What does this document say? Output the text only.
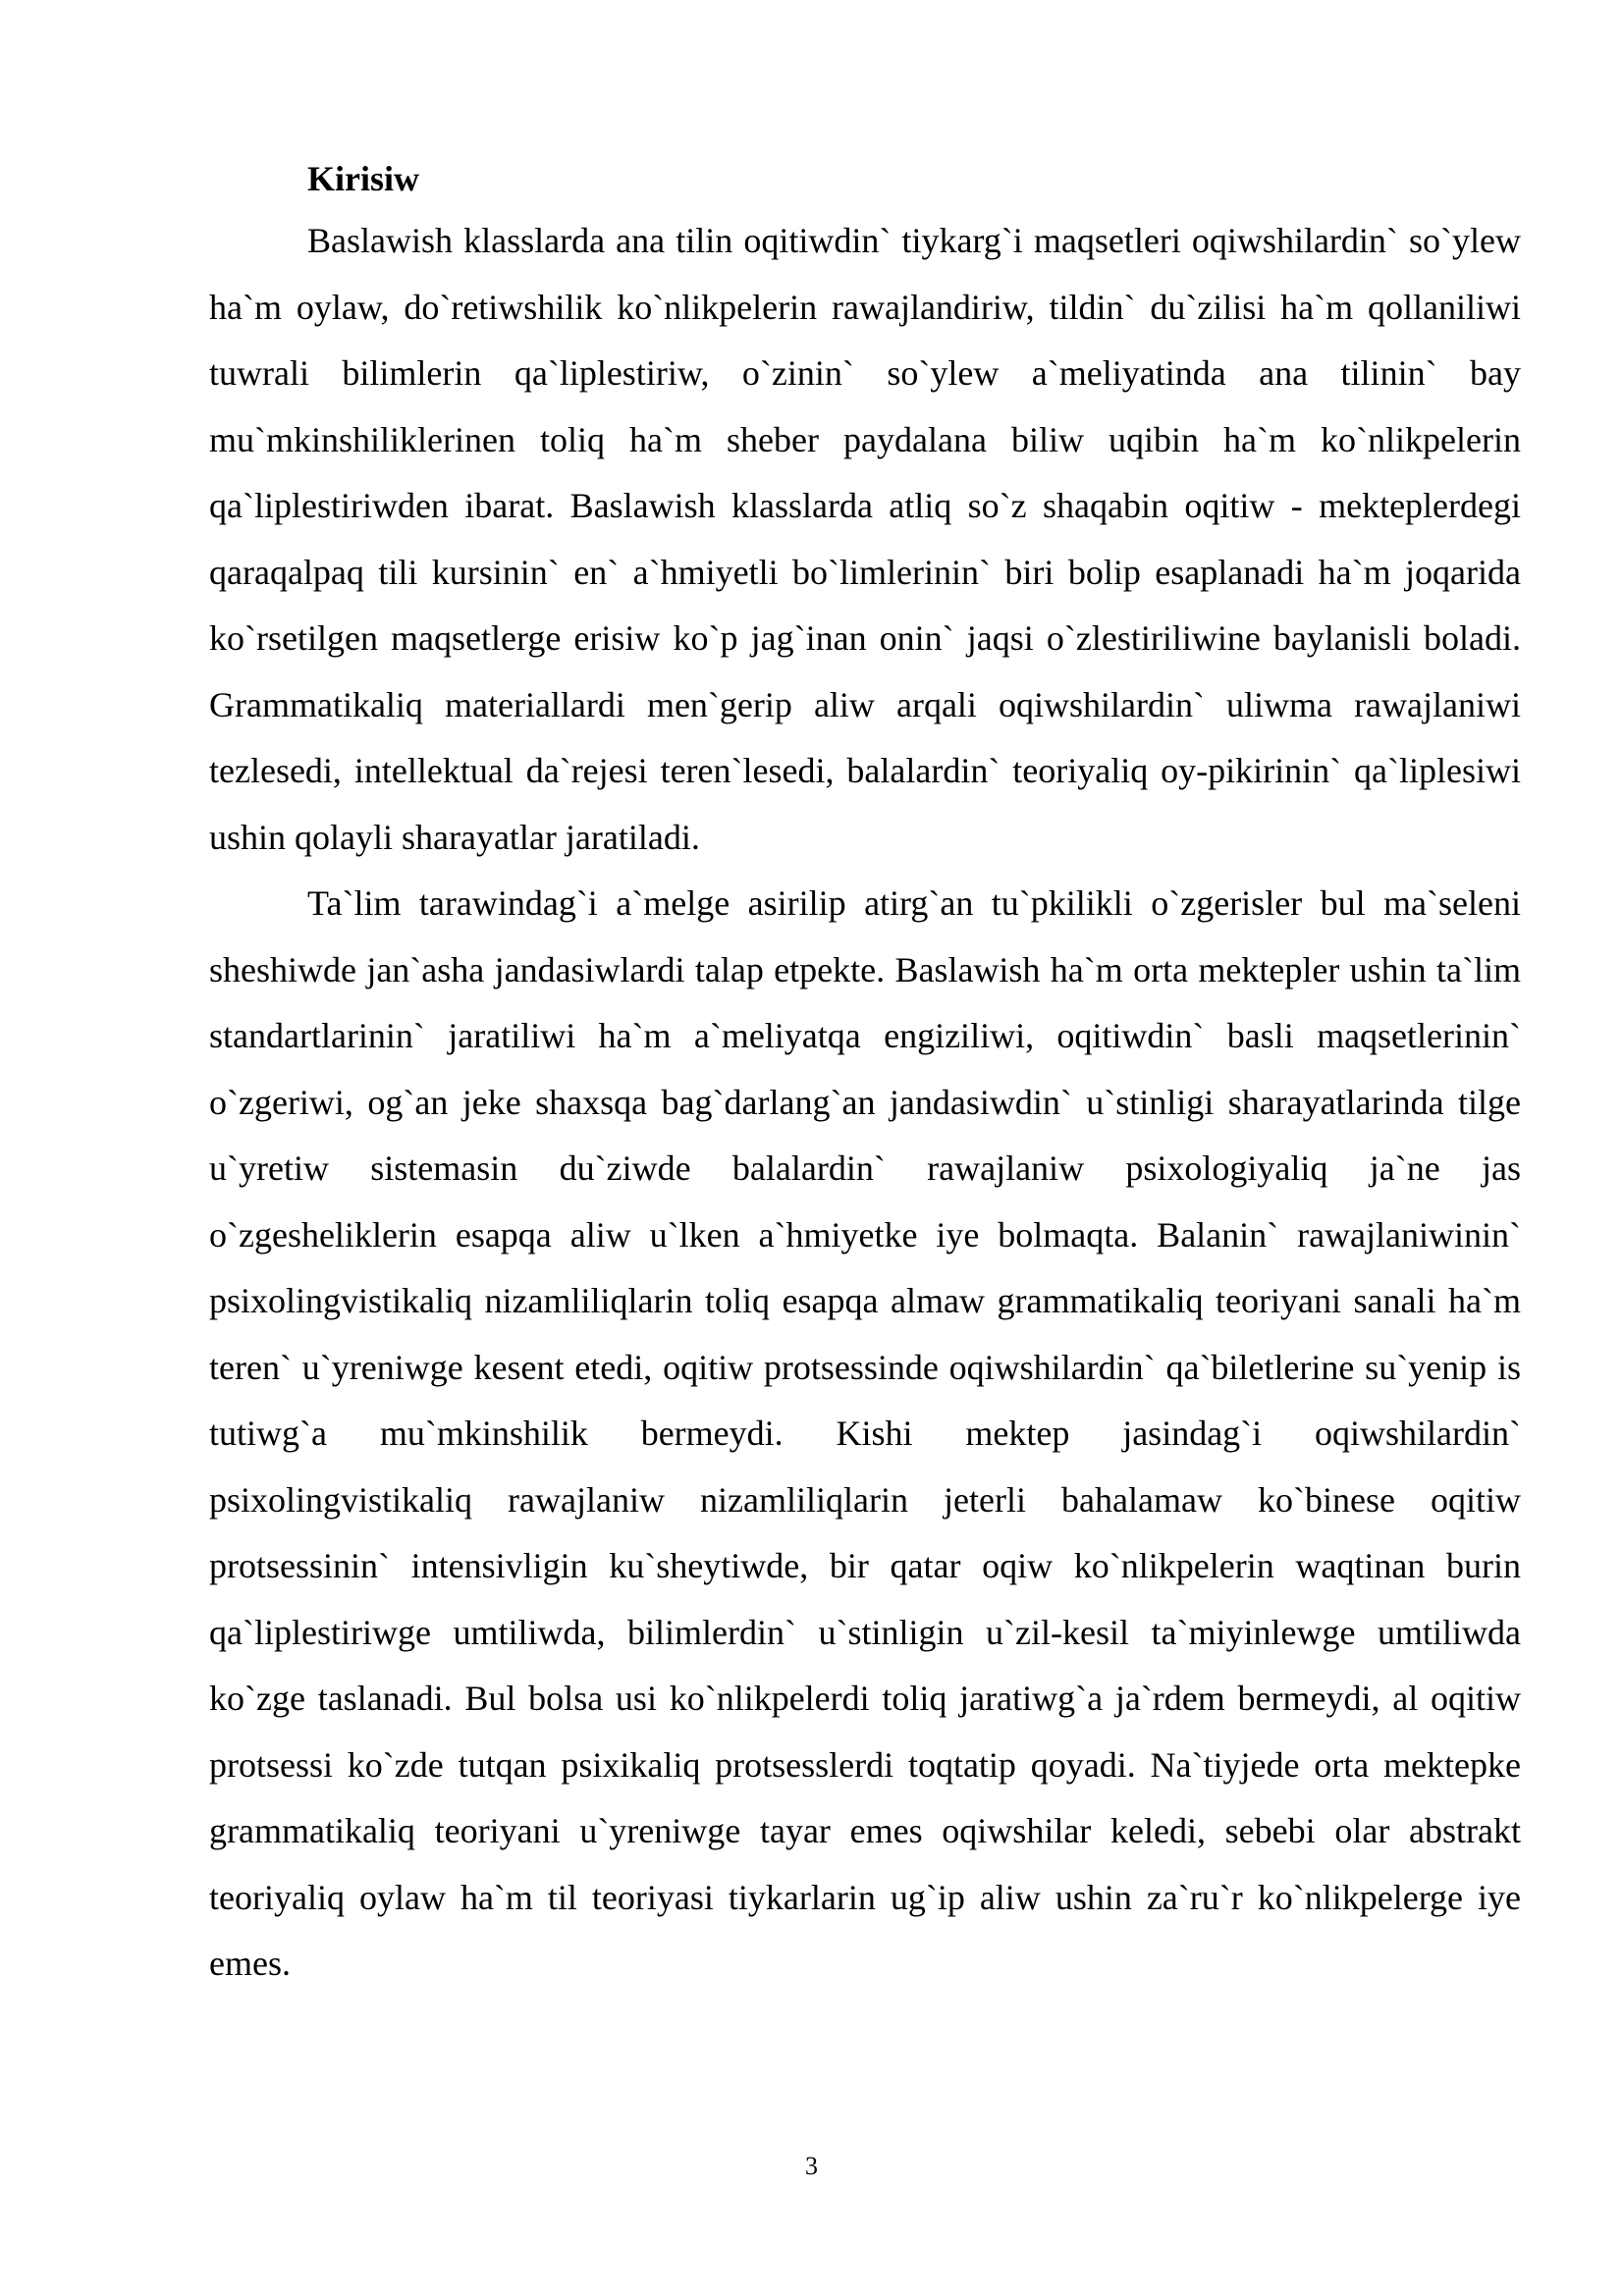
Kirisiw

Baslawish klasslarda ana tilin oqitiwdin` tiykarg`i maqsetleri oqiwshilardin` so`ylew ha`m oylaw, do`retiwshilik ko`nlikpelerin rawajlandiriw, tildin` du`zilisi ha`m qollaniliwi tuwrali bilimlerin qa`liplestiriw, o`zinin` so`ylew a`meliyatinda ana tilinin` bay mu`mkinshiliklerinen toliq ha`m sheber paydalana biliw uqibin ha`m ko`nlikpelerin qa`liplestiriwden ibarat. Baslawish klasslarda atliq so`z shaqabin oqitiw - mekteplerdegi qaraqalpaq tili kursinin` en` a`hmiyetli bo`limlerinin` biri bolip esaplanadi ha`m joqarida ko`rsetilgen maqsetlerge erisiw ko`p jag`inan onin` jaqsi o`zlestiriliwine baylanisli boladi. Grammatikaliq materiallardi men`gerip aliw arqali oqiwshilardin` uliwma rawajlaniwi tezlesedi, intellektual da`rejesi teren`lesedi, balalardin` teoriyaliq oy-pikirinin` qa`liplesiwi ushin qolayli sharayatlar jaratiladi.

Ta`lim tarawindag`i a`melge asirilip atirg`an tu`pkilikli o`zgerisler bul ma`seleni sheshiwde jan`asha jandasiwlardi talap etpekte. Baslawish ha`m orta mektepler ushin ta`lim standartlarinin` jaratiliwi ha`m a`meliyatqa engiziliwi, oqitiwdin` basli maqsetlerinin` o`zgeriwi, og`an jeke shaxsqa bag`darlang`an jandasiwdin` u`stinligi sharayatlarinda tilge u`yretiw sistemasin du`ziwde balalardin` rawajlaniw psixologiyaliq ja`ne jas o`zgesheliklerin esapqa aliw u`lken a`hmiyetke iye bolmaqta. Balanin` rawajlaniwinin` psixolingvistikaliq nizamliliqlarin toliq esapqa almaw grammatikaliq teoriyani sanali ha`m teren` u`yreniwge kesent etedi, oqitiw protsessinde oqiwshilardin` qa`biletlerine su`yenip is tutiwg`a mu`mkinshilik bermeydi. Kishi mektep jasindag`i oqiwshilardin` psixolingvistikaliq rawajlaniw nizamliliqlarin jeterli bahalamaw ko`binese oqitiw protsessinin` intensivligin ku`sheytiwde, bir qatar oqiw ko`nlikpelerin waqtinan burin qa`liplestiriwge umtiliwda, bilimlerdin` u`stinligin u`zil-kesil ta`miyinlewge umtiliwda ko`zge taslanadi. Bul bolsa usi ko`nlikpelerdi toliq jaratiwg`a ja`rdem bermeydi, al oqitiw protsessi ko`zde tutqan psixikaliq protsesslerdi toqtatip qoyadi. Na`tiyjede orta mektepke grammatikaliq teoriyani u`yreniwge tayar emes oqiwshilar keledi, sebebi olar abstrakt teoriyaliq oylaw ha`m til teoriyasi tiykarlarin ug`ip aliw ushin za`ru`r ko`nlikpelerge iye emes.

3
